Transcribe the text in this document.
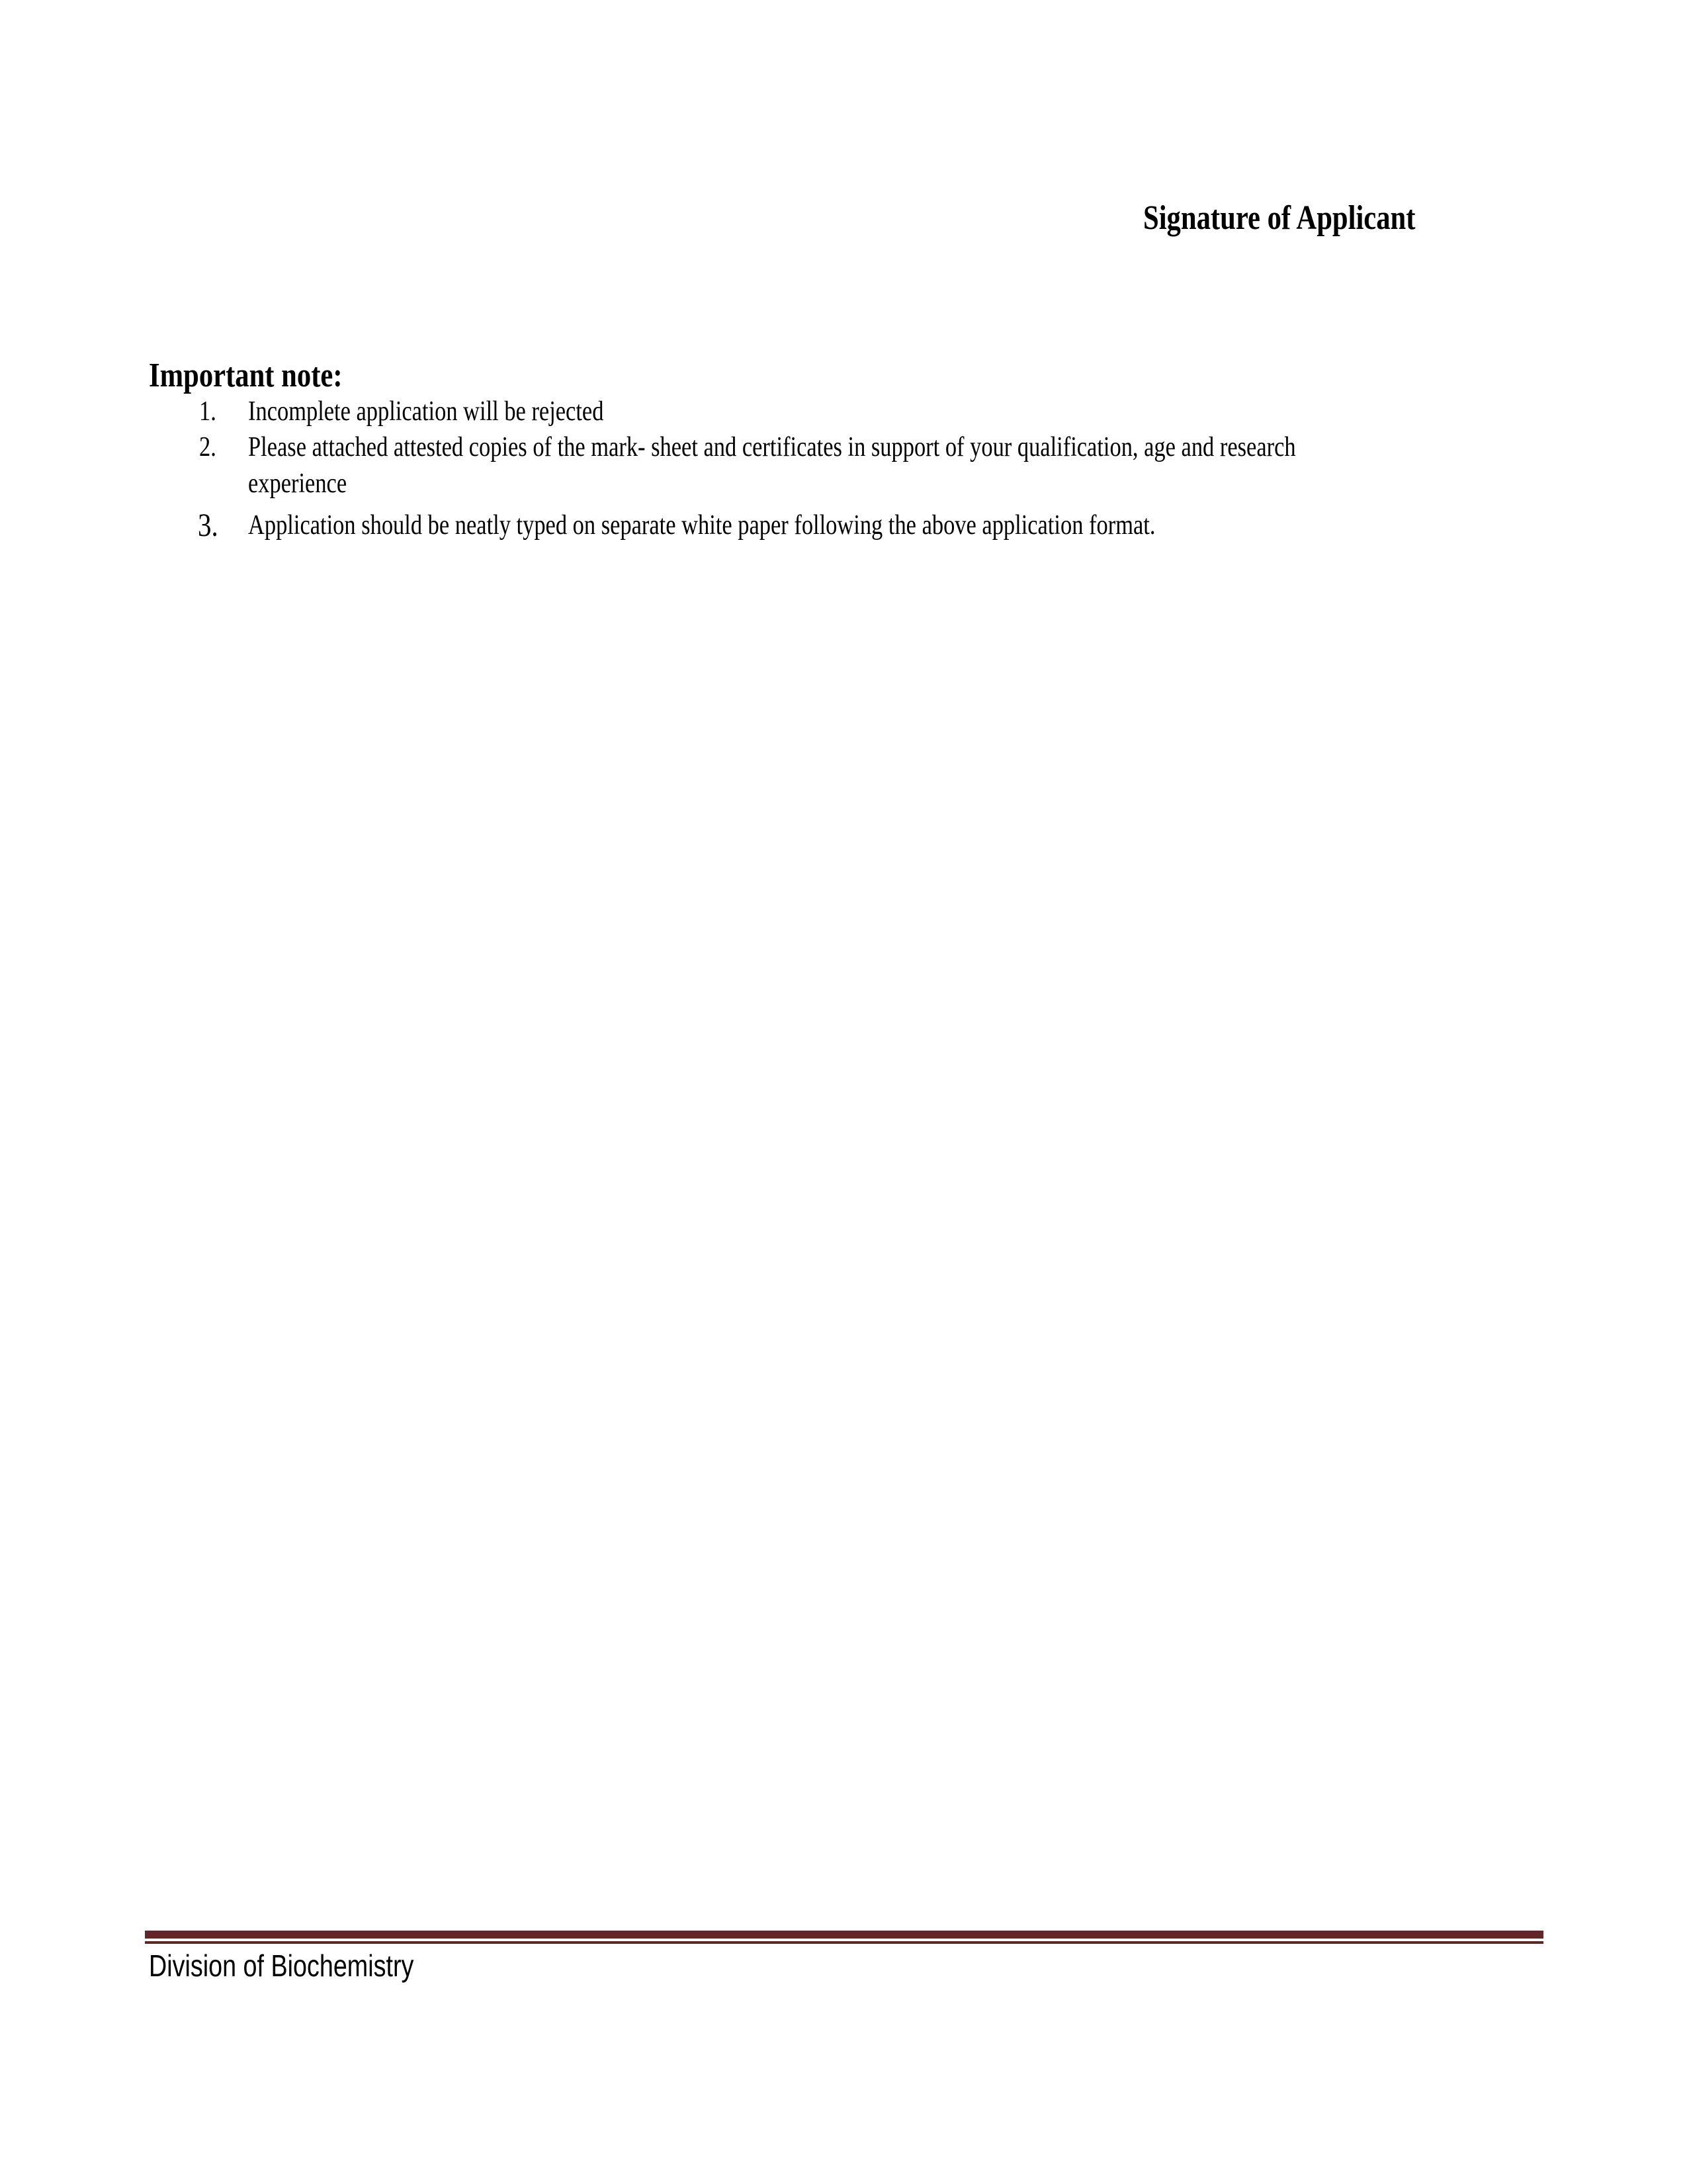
Signature of Applicant
Important note:
1. Incomplete application will be rejected
2. Please attached attested copies of the mark- sheet and certificates in support of your qualification, age and research
experience
3. Application should be neatly typed on separate white paper following the above application format.
Division of Biochemistry
